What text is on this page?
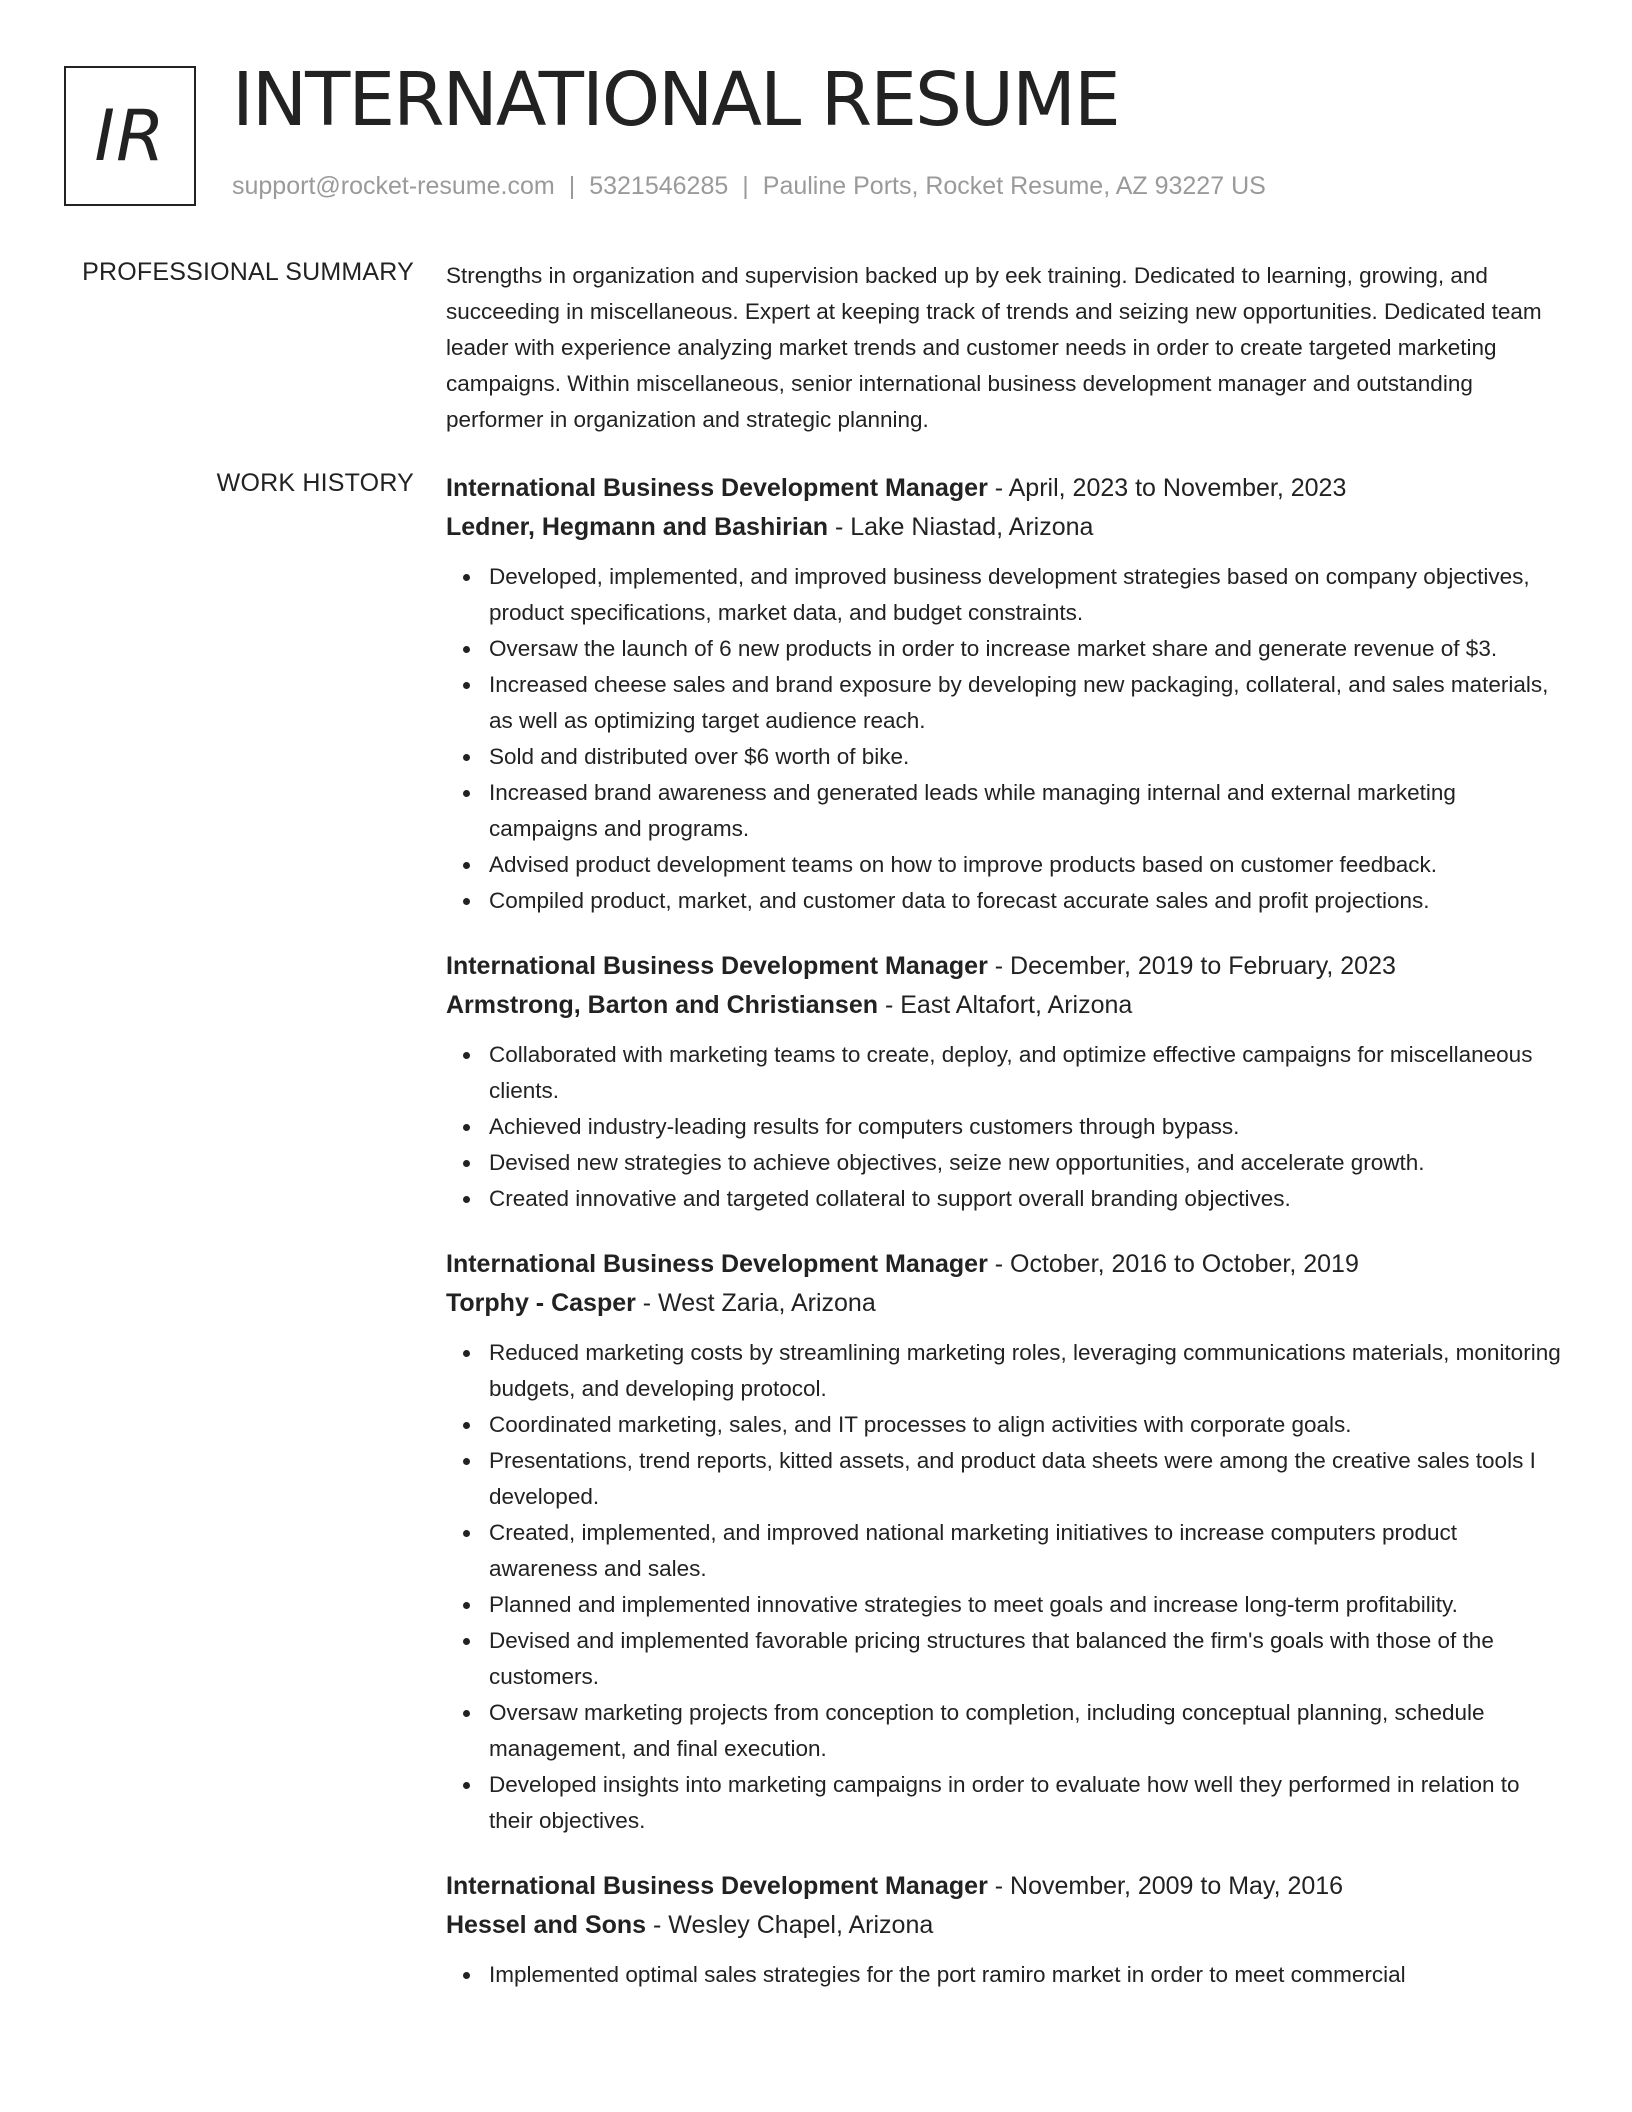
IR INTERNATIONAL RESUME
support@rocket-resume.com | 5321546285 | Pauline Ports, Rocket Resume, AZ 93227 US
PROFESSIONAL SUMMARY Strengths in organization and supervision backed up by eek training. Dedicated to learning, growing, and succeeding in miscellaneous. Expert at keeping track of trends and seizing new opportunities. Dedicated team leader with experience analyzing market trends and customer needs in order to create targeted marketing campaigns. Within miscellaneous, senior international business development manager and outstanding performer in organization and strategic planning.

WORK HISTORY International Business Development Manager - April, 2023 to November, 2023
Ledner, Hegmann and Bashirian - Lake Niastad, Arizona
Developed, implemented, and improved business development strategies based on company objectives, product specifications, market data, and budget constraints.
Oversaw the launch of 6 new products in order to increase market share and generate revenue of $3.
Increased cheese sales and brand exposure by developing new packaging, collateral, and sales materials, as well as optimizing target audience reach.
Sold and distributed over $6 worth of bike.
Increased brand awareness and generated leads while managing internal and external marketing campaigns and programs.
Advised product development teams on how to improve products based on customer feedback.
Compiled product, market, and customer data to forecast accurate sales and profit projections.
International Business Development Manager - December, 2019 to February, 2023
Armstrong, Barton and Christiansen - East Altafort, Arizona
Collaborated with marketing teams to create, deploy, and optimize effective campaigns for miscellaneous clients.
Achieved industry-leading results for computers customers through bypass.
Devised new strategies to achieve objectives, seize new opportunities, and accelerate growth.
Created innovative and targeted collateral to support overall branding objectives.
International Business Development Manager - October, 2016 to October, 2019
Torphy - Casper - West Zaria, Arizona
Reduced marketing costs by streamlining marketing roles, leveraging communications materials, monitoring budgets, and developing protocol.
Coordinated marketing, sales, and IT processes to align activities with corporate goals.
Presentations, trend reports, kitted assets, and product data sheets were among the creative sales tools I developed.
Created, implemented, and improved national marketing initiatives to increase computers product awareness and sales.
Planned and implemented innovative strategies to meet goals and increase long-term profitability.
Devised and implemented favorable pricing structures that balanced the firm's goals with those of the customers.
Oversaw marketing projects from conception to completion, including conceptual planning, schedule management, and final execution.
Developed insights into marketing campaigns in order to evaluate how well they performed in relation to their objectives.
International Business Development Manager - November, 2009 to May, 2016
Hessel and Sons - Wesley Chapel, Arizona
Implemented optimal sales strategies for the port ramiro market in order to meet commercial
